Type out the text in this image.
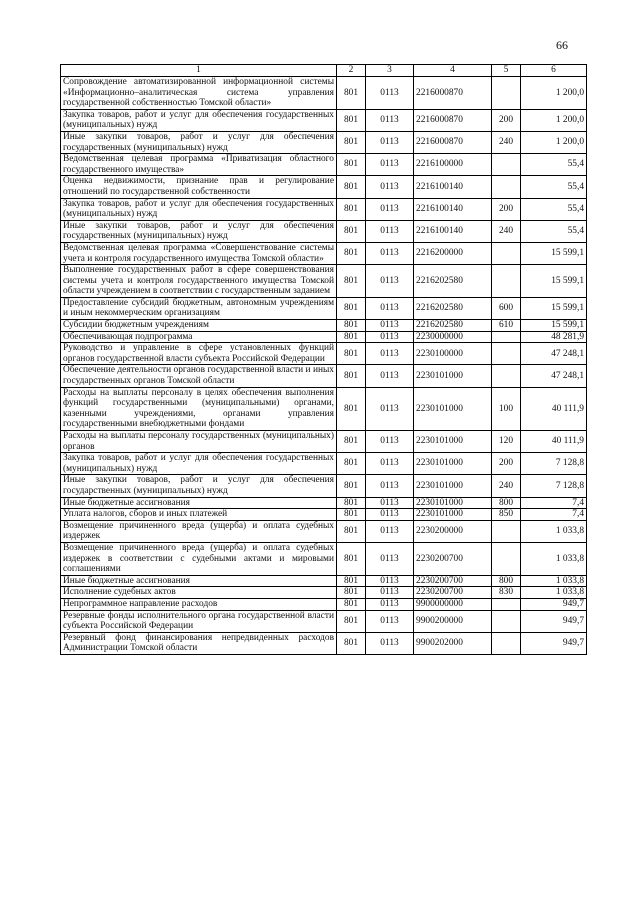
66
1	2	3	4	5	6
Сопровождение автоматизированной информационной системы «Информационно–аналитическая система управления государственной собственностью Томской области»	801	0113	2216000870		1 200,0
Закупка товаров, работ и услуг для обеспечения государственных (муниципальных) нужд	801	0113	2216000870	200	1 200,0
Иные закупки товаров, работ и услуг для обеспечения государственных (муниципальных) нужд	801	0113	2216000870	240	1 200,0
Ведомственная целевая программа «Приватизация областного государственного имущества»	801	0113	2216100000		55,4
Оценка недвижимости, признание прав и регулирование отношений по государственной собственности	801	0113	2216100140		55,4
Закупка товаров, работ и услуг для обеспечения государственных (муниципальных) нужд	801	0113	2216100140	200	55,4
Иные закупки товаров, работ и услуг для обеспечения государственных (муниципальных) нужд	801	0113	2216100140	240	55,4
Ведомственная целевая программа «Совершенствование системы учета и контроля государственного имущества Томской области»	801	0113	2216200000		15 599,1
Выполнение государственных работ в сфере совершенствования системы учета и контроля государственного имущества Томской области учреждением в соответствии с государственным заданием	801	0113	2216202580		15 599,1
Предоставление субсидий бюджетным, автономным учреждениям и иным некоммерческим организациям	801	0113	2216202580	600	15 599,1
Субсидии бюджетным учреждениям	801	0113	2216202580	610	15 599,1
Обеспечивающая подпрограмма	801	0113	2230000000		48 281,9
Руководство и управление в сфере установленных функций органов государственной власти субъекта Российской Федерации	801	0113	2230100000		47 248,1
Обеспечение деятельности органов государственной власти и иных государственных органов Томской области	801	0113	2230101000		47 248,1
Расходы на выплаты персоналу в целях обеспечения выполнения функций государственными (муниципальными) органами, казенными учреждениями, органами управления государственными внебюджетными фондами	801	0113	2230101000	100	40 111,9
Расходы на выплаты персоналу государственных (муниципальных) органов	801	0113	2230101000	120	40 111,9
Закупка товаров, работ и услуг для обеспечения государственных (муниципальных) нужд	801	0113	2230101000	200	7 128,8
Иные закупки товаров, работ и услуг для обеспечения государственных (муниципальных) нужд	801	0113	2230101000	240	7 128,8
Иные бюджетные ассигнования	801	0113	2230101000	800	7,4
Уплата налогов, сборов и иных платежей	801	0113	2230101000	850	7,4
Возмещение причиненного вреда (ущерба) и оплата судебных издержек	801	0113	2230200000		1 033,8
Возмещение причиненного вреда (ущерба) и оплата судебных издержек в соответствии с судебными актами и мировыми соглашениями	801	0113	2230200700		1 033,8
Иные бюджетные ассигнования	801	0113	2230200700	800	1 033,8
Исполнение судебных актов	801	0113	2230200700	830	1 033,8
Непрограммное направление расходов	801	0113	9900000000		949,7
Резервные фонды исполнительного органа государственной власти субъекта Российской Федерации	801	0113	9900200000		949,7
Резервный фонд финансирования непредвиденных расходов Администрации Томской области	801	0113	9900202000		949,7
